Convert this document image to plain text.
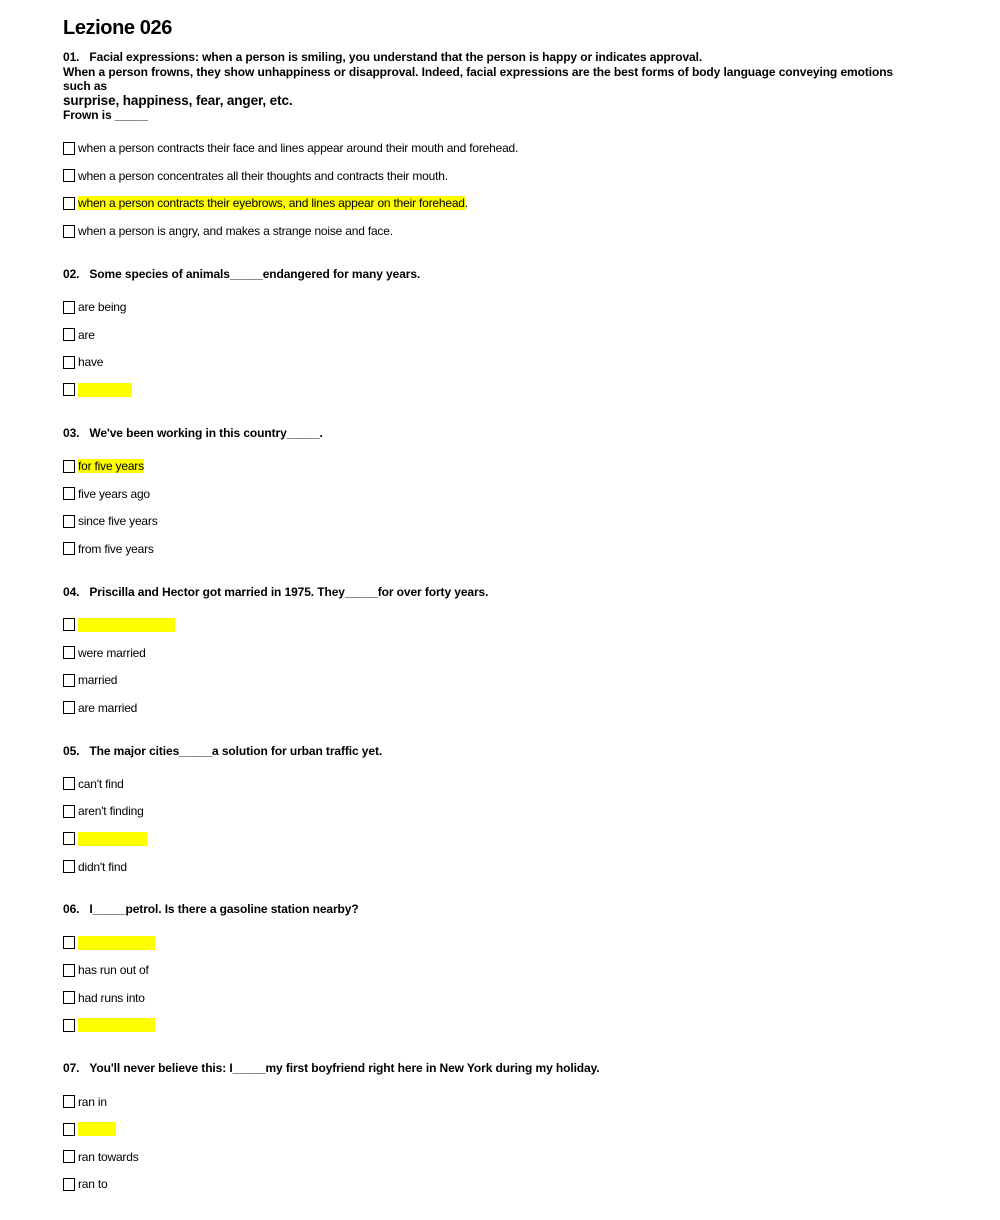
Lezione 026
01. Facial expressions: when a person is smiling, you understand that the person is happy or indicates approval.
When a person frowns, they show unhappiness or disapproval. Indeed, facial expressions are the best forms of body language conveying emotions such as
surprise, happiness, fear, anger, etc.
Frown is _____
when a person contracts their face and lines appear around their mouth and forehead.
when a person concentrates all their thoughts and contracts their mouth.
when a person contracts their eyebrows, and lines appear on their forehead .
when a person is angry, and makes a strange noise and face.
02. Some species of animals_____endangered for many years.
are being
are
have
have been
03. We've been working in this country_____.
for five years
five years ago
since five years
from five years
04. Priscilla and Hector got married in 1975. They_____for over forty years.
have been married
were married
married
are married
05. The major cities_____a solution for urban traffic yet.
can't find
aren't finding
haven't found
didn't find
06. I_____petrol. Is there a gasoline station nearby?
have run out of
has run out of
had runs into
have run out of
07. You'll never believe this: I_____my first boyfriend right here in New York during my holiday.
ran in
ran into
ran towards
ran to
